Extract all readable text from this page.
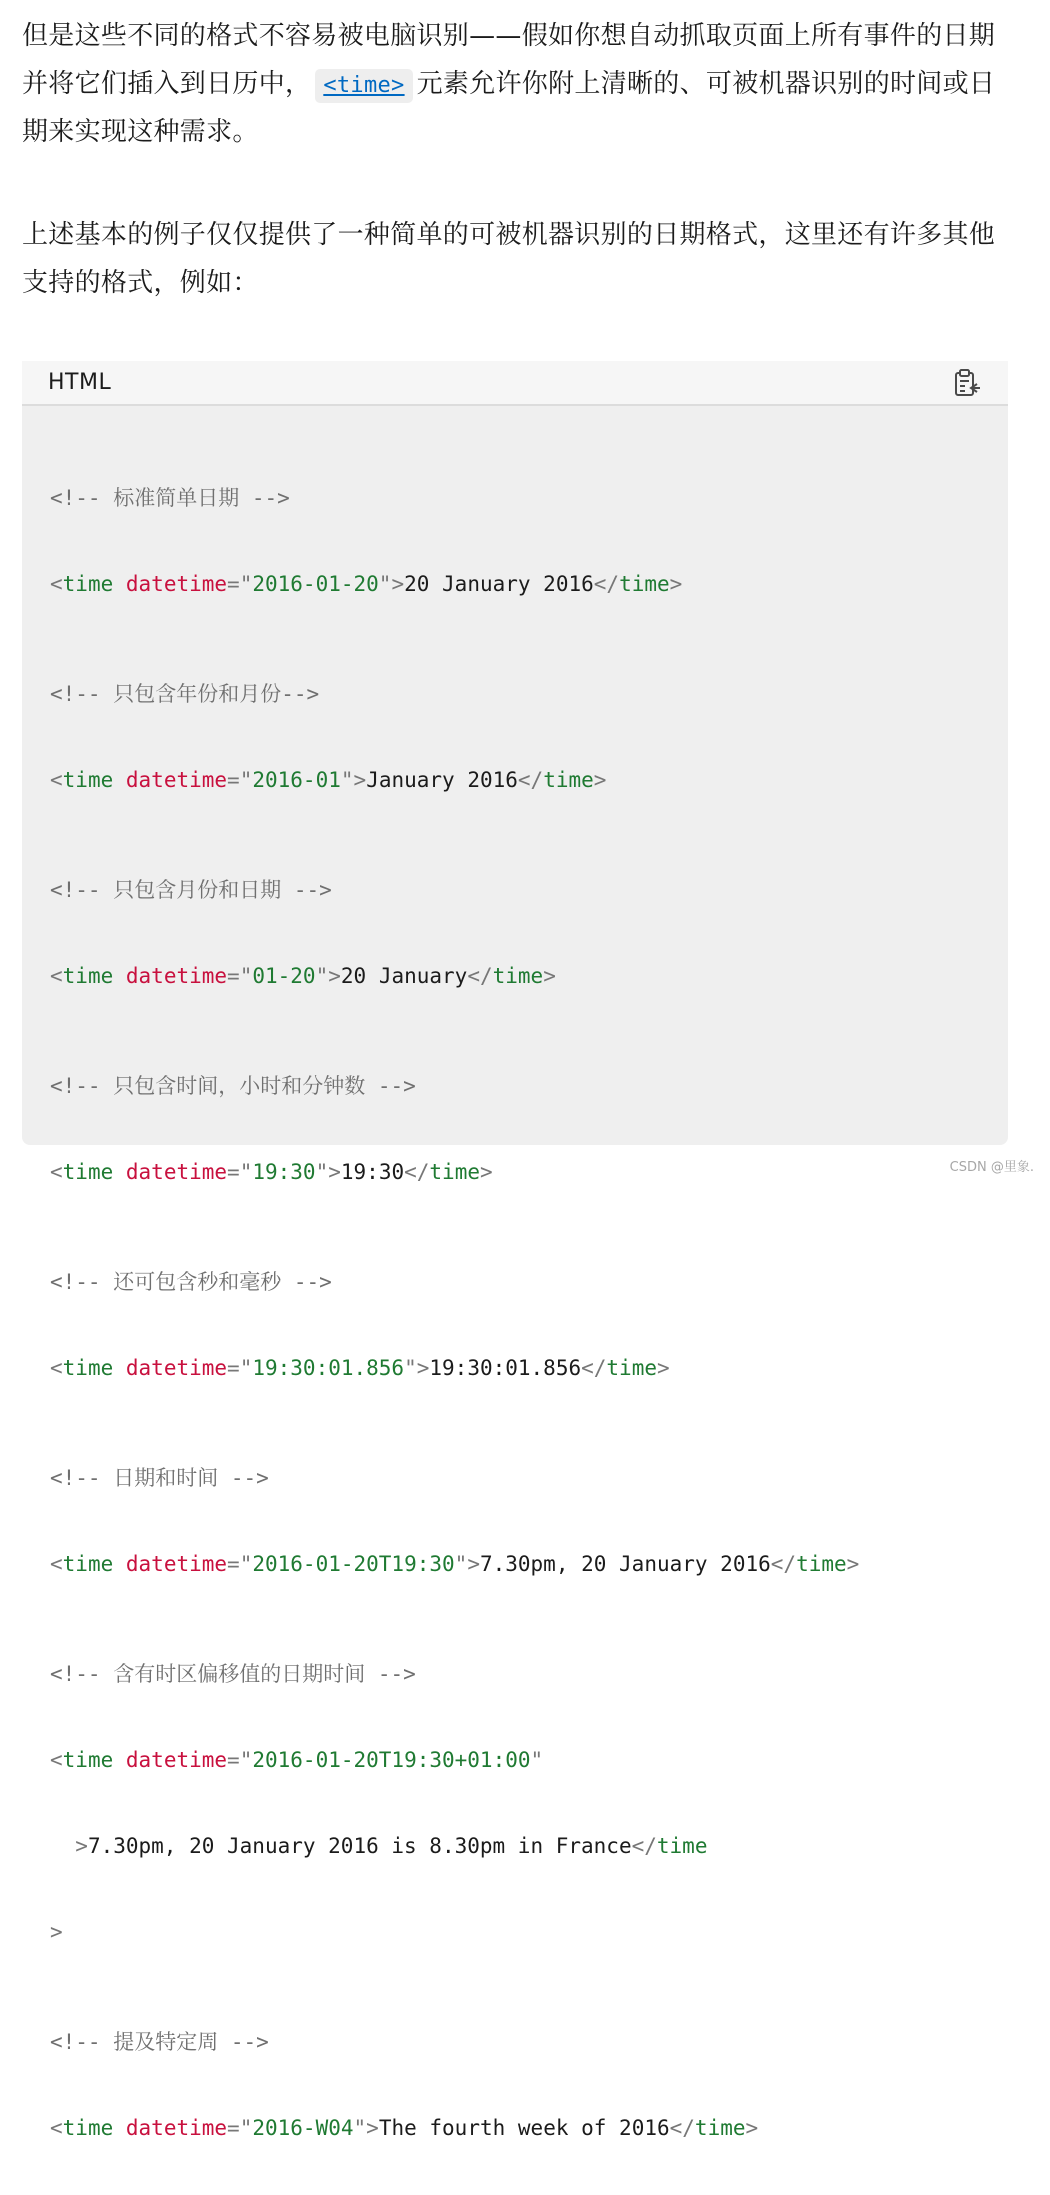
但是这些不同的格式不容易被电脑识别——假如你想自动抓取页面上所有事件的日期并将它们插入到日历中， <time> 元素允许你附上清晰的、可被机器识别的时间或日期来实现这种需求。

上述基本的例子仅仅提供了一种简单的可被机器识别的日期格式，这里还有许多其他支持的格式，例如：

HTML

<!-- 标准简单日期 -->

<time datetime="2016-01-20">20 January 2016</time>

<!-- 只包含年份和月份-->

<time datetime="2016-01">January 2016</time>

<!-- 只包含月份和日期 -->

<time datetime="01-20">20 January</time>

<!-- 只包含时间，小时和分钟数 -->

<time datetime="19:30">19:30</time>

<!-- 还可包含秒和毫秒 -->

<time datetime="19:30:01.856">19:30:01.856</time>

<!-- 日期和时间 -->

<time datetime="2016-01-20T19:30">7.30pm, 20 January 2016</time>

<!-- 含有时区偏移值的日期时间 -->

<time datetime="2016-01-20T19:30+01:00"

>7.30pm, 20 January 2016 is 8.30pm in France</time

>

<!-- 提及特定周 -->

<time datetime="2016-W04">The fourth week of 2016</time>

CSDN @里象.
